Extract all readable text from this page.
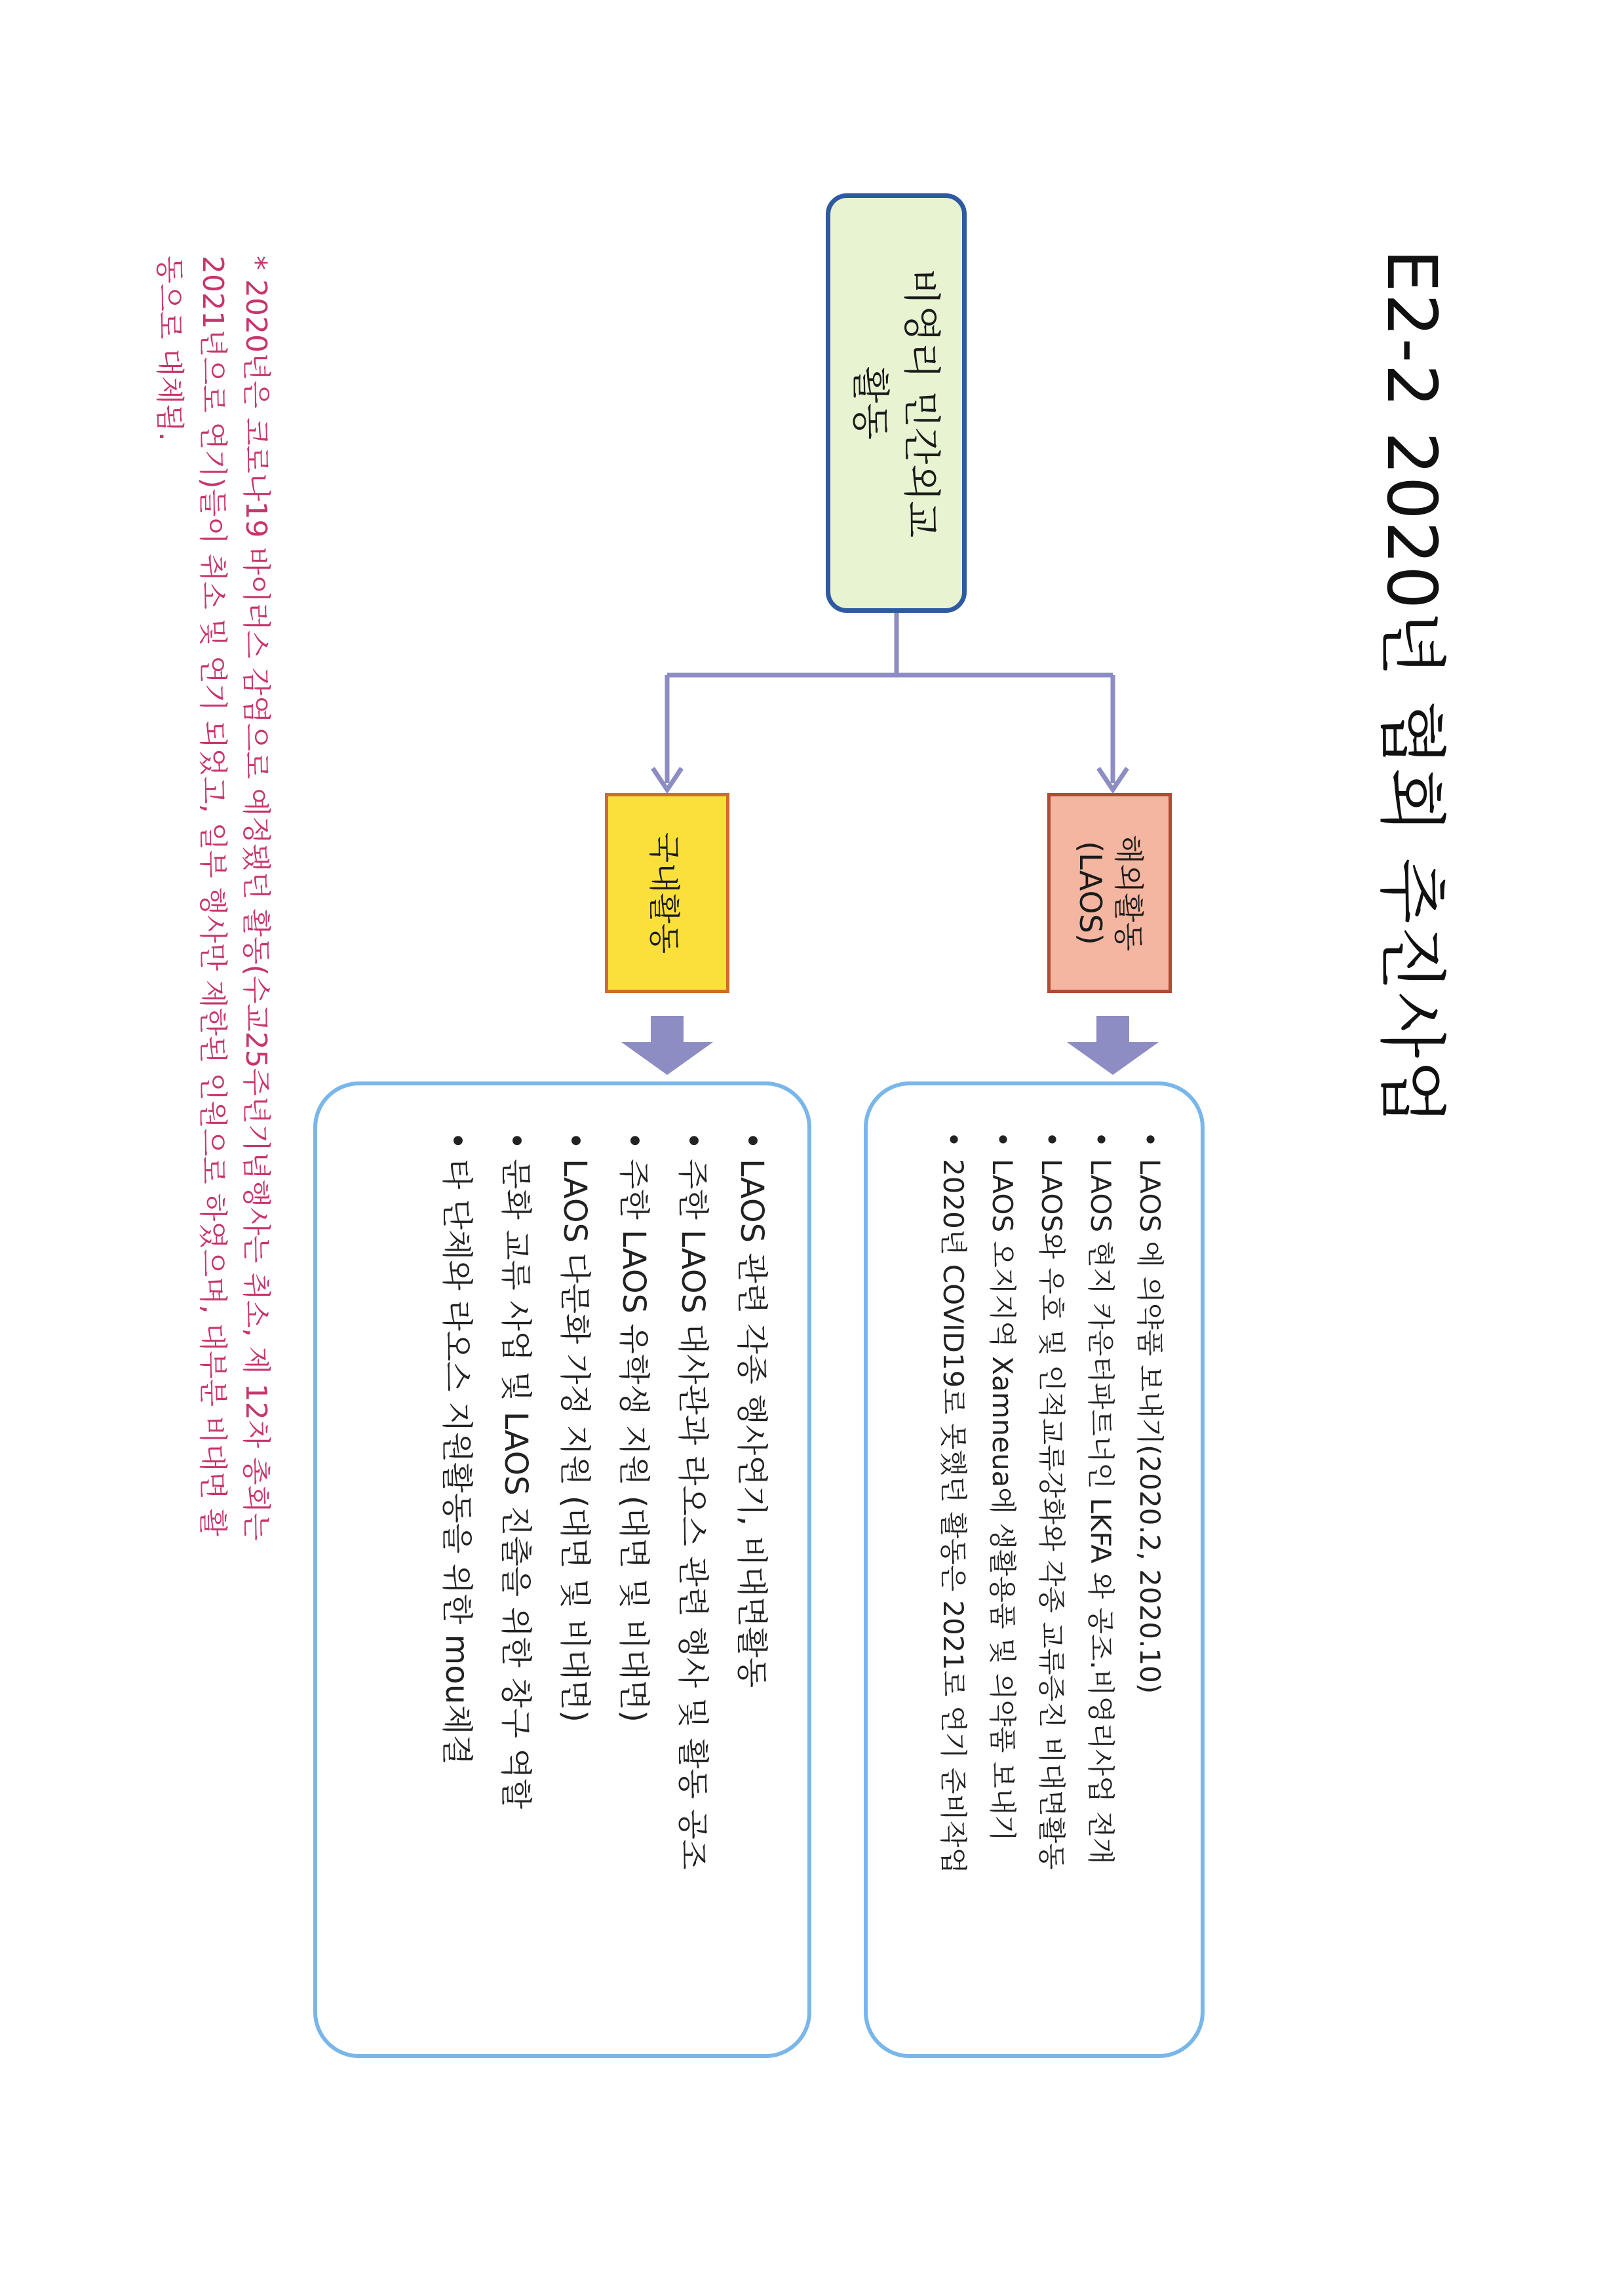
E2-2 2020년 협회 추진사업
비영리 민간외교
활동
해외활동
(LAOS)
국내활동
• LAOS 에 의약품 보내기(2020.2, 2020.10)
• LAOS 현지 카운터파트너인 LKFA 와 공조.비영리사업 전개
• LAOS와 우호 및 인적교류강화와 각종 교류증진 비대면활동
• LAOS 오지지역 Xamneua에 생활용품 및 의약품 보내기
• 2020년 COVID19로 못했던 활동은 2021로 연기 준비작업
• LAOS 관련 각종 행사연기, 비대면활동
• 주한 LAOS 대사관과 라오스 관련 행사 및 활동 공조
• 주한 LAOS 유학생 지원 (대면 및 비대면)
• LAOS 다문화 가정 지원 (대면 및 비대면)
• 문화 교류 사업 및 LAOS 진출을 위한 창구 역할
• 타 단체와 라오스 지원활동을 위한 mou체결

* 2020년은 코로나19 바이러스 감염으로 예정됐던 활동(수교25주년기념행사는 취소, 제 12차 총회는

2021년으로 연기)들이 취소 및 연기 되었고, 일부 행사만 제한된 인원으로 하였으며, 대부분 비대면 활

동으로 대체됨.
